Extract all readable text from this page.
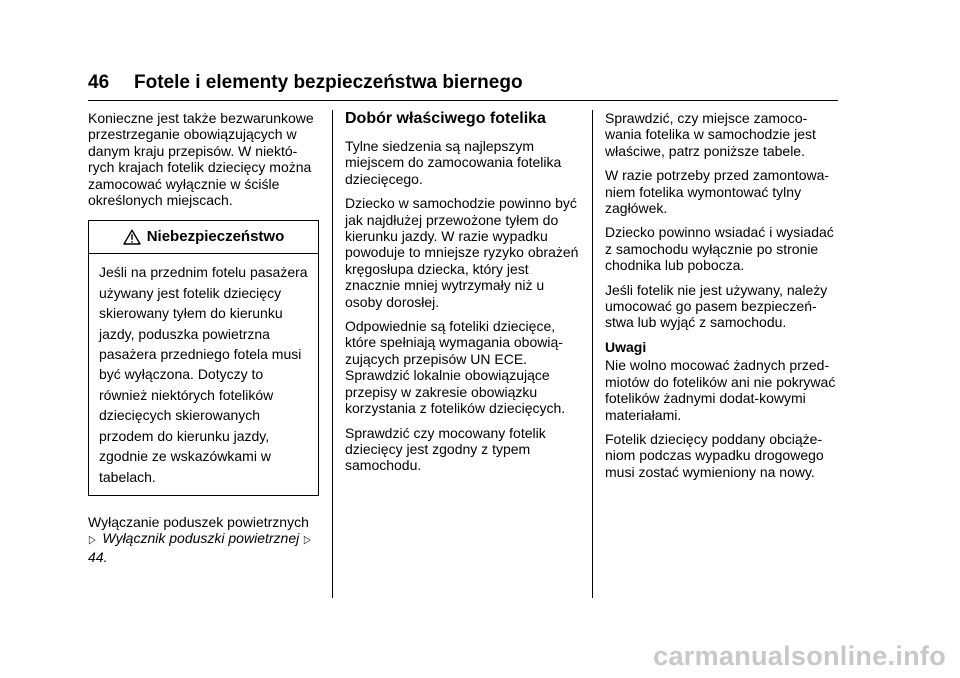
46	Fotele i elementy bezpieczeństwa biernego

Konieczne jest także bezwarunkowe przestrzeganie obowiązujących w danym kraju przepisów. W niektó-rych krajach fotelik dziecięcy można zamocować wyłącznie w ściśle określonych miejscach.

Niebezpieczeństwo
Jeśli na przednim fotelu pasażera używany jest fotelik dziecięcy skierowany tyłem do kierunku jazdy, poduszka powietrzna pasażera przedniego fotela musi być wyłączona. Dotyczy to również niektórych fotelików dziecięcych skierowanych przodem do kierunku jazdy, zgodnie ze wskazówkami w tabelach.

Wyłączanie poduszek powietrznych
▷ Wyłącznik poduszki powietrznej ▷44.

Dobór właściwego fotelika

Tylne siedzenia są najlepszym miejscem do zamocowania fotelika dziecięcego.

Dziecko w samochodzie powinno być jak najdłużej przewożone tyłem do kierunku jazdy. W razie wypadku powoduje to mniejsze ryzyko obrażeń kręgosłupa dziecka, który jest znacznie mniej wytrzymały niż u osoby dorosłej.

Odpowiednie są foteliki dziecięce, które spełniają wymagania obowią-zujących przepisów UN ECE. Sprawdzić lokalnie obowiązujące przepisy w zakresie obowiązku korzystania z fotelików dziecięcych.

Sprawdzić czy mocowany fotelik dziecięcy jest zgodny z typem samochodu.

Sprawdzić, czy miejsce zamoco-wania fotelika w samochodzie jest właściwe, patrz poniższe tabele.

W razie potrzeby przed zamontowa-niem fotelika wymontować tylny zagłówek.

Dziecko powinno wsiadać i wysiadać z samochodu wyłącznie po stronie chodnika lub pobocza.

Jeśli fotelik nie jest używany, należy umocować go pasem bezpieczeń-stwa lub wyjąć z samochodu.

Uwagi

Nie wolno mocować żadnych przed-miotów do fotelików ani nie pokrywać fotelików żadnymi dodat-kowymi materiałami.

Fotelik dziecięcy poddany obciąże-niom podczas wypadku drogowego musi zostać wymieniony na nowy.

carmanualsonline.info
